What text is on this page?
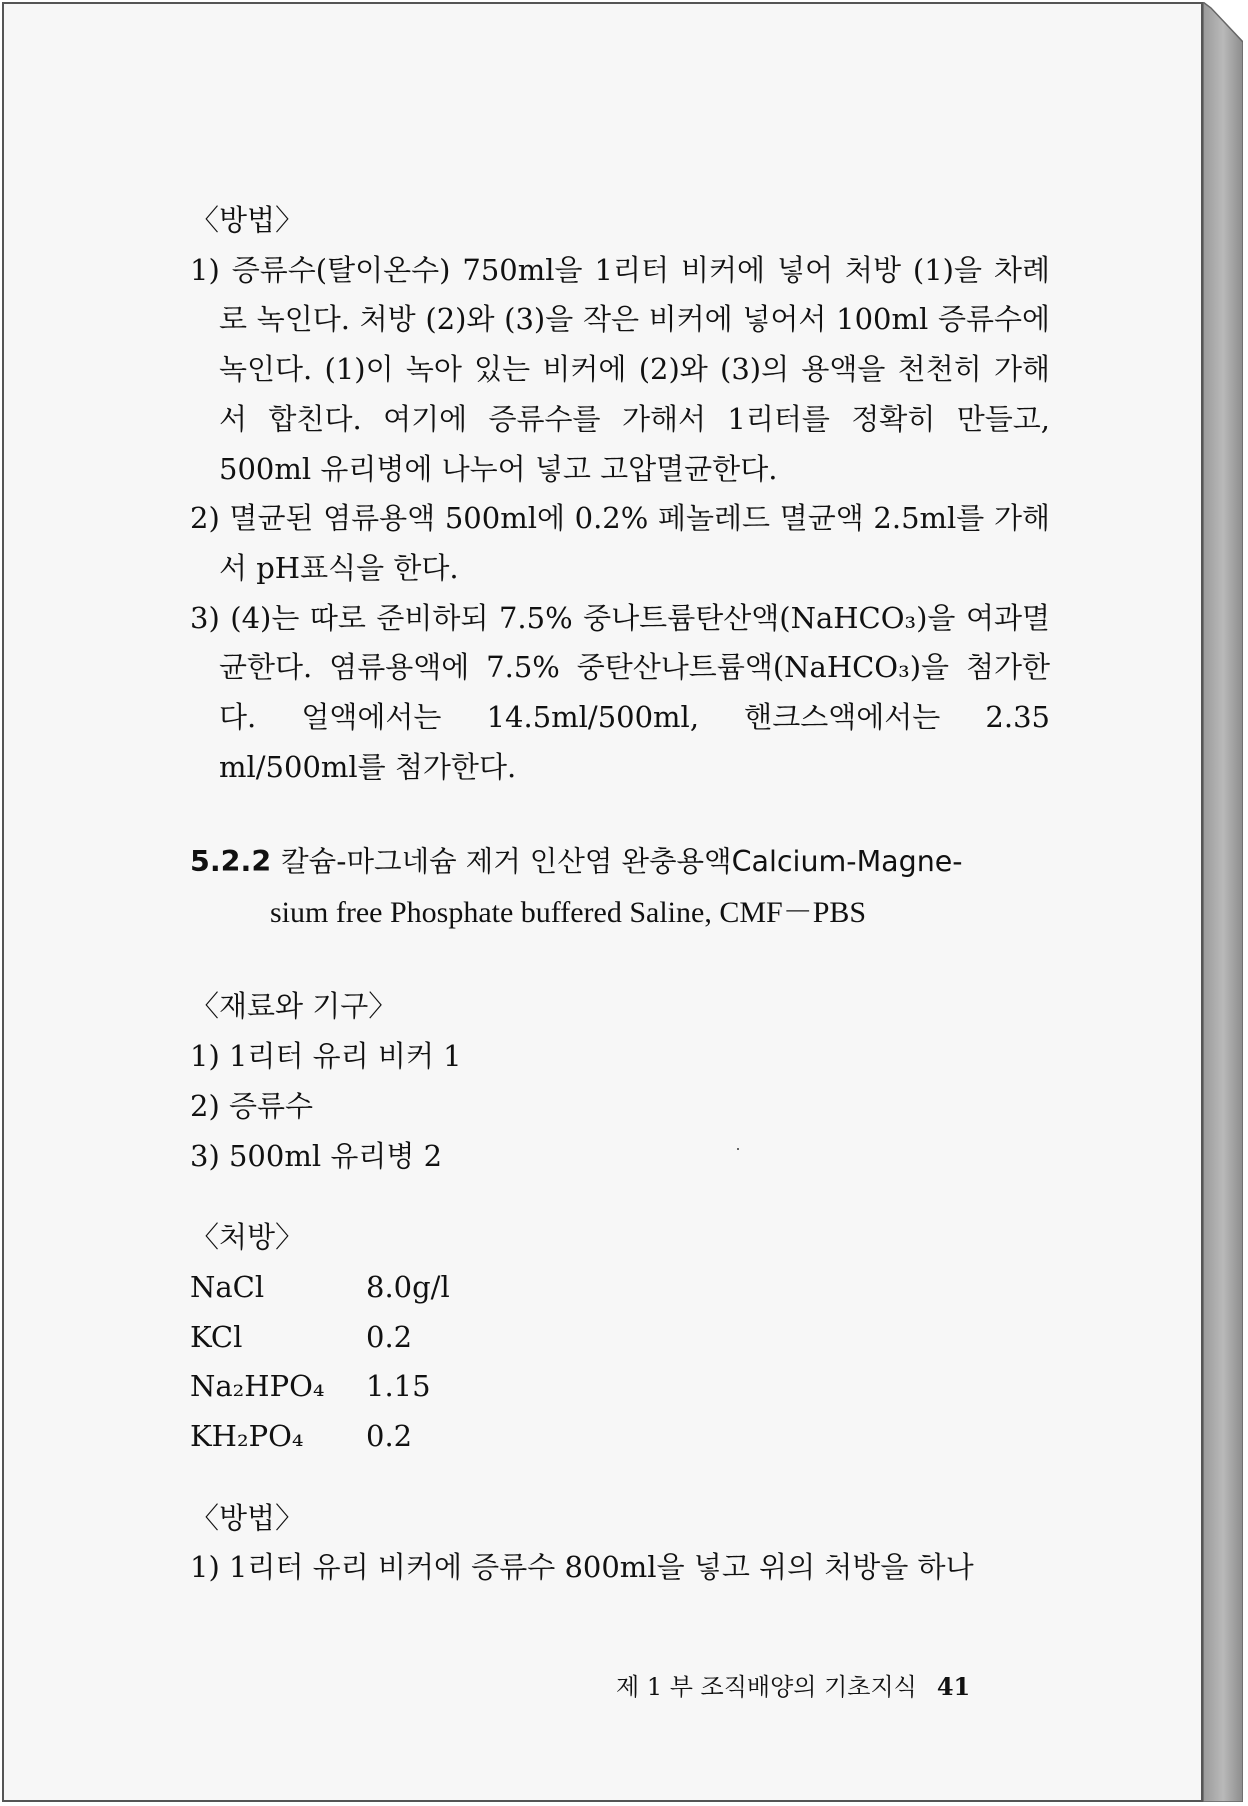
〈방법〉

1) 증류수(탈이온수) 750ml을 1리터 비커에 넣어 처방 (1)을 차례로 녹인다. 처방 (2)와 (3)을 작은 비커에 넣어서 100ml 증류수에 녹인다. (1)이 녹아 있는 비커에 (2)와 (3)의 용액을 천천히 가해서 합친다. 여기에 증류수를 가해서 1리터를 정확히 만들고, 500ml 유리병에 나누어 넣고 고압멸균한다.

2) 멸균된 염류용액 500ml에 0.2% 페놀레드 멸균액 2.5ml를 가해서 pH표식을 한다.

3) (4)는 따로 준비하되 7.5% 중나트륨탄산액(NaHCO₃)을 여과멸균한다. 염류용액에 7.5% 중탄산나트륨액(NaHCO₃)을 첨가한다. 얼액에서는 14.5ml/500ml, 핸크스액에서는 2.35 ml/500ml를 첨가한다.

5.2.2 칼슘-마그네슘 제거 인산염 완충용액Calcium-Magne-

sium free Phosphate buffered Saline, CMF－PBS

〈재료와 기구〉

1) 1리터 유리 비커 1

2) 증류수

3) 500ml 유리병 2

〈처방〉

NaCl	8.0g/l
KCl	0.2
Na₂HPO₄	1.15
KH₂PO₄	0.2

〈방법〉

1) 1리터 유리 비커에 증류수 800ml을 넣고 위의 처방을 하나

제 1 부 조직배양의 기초지식 41
